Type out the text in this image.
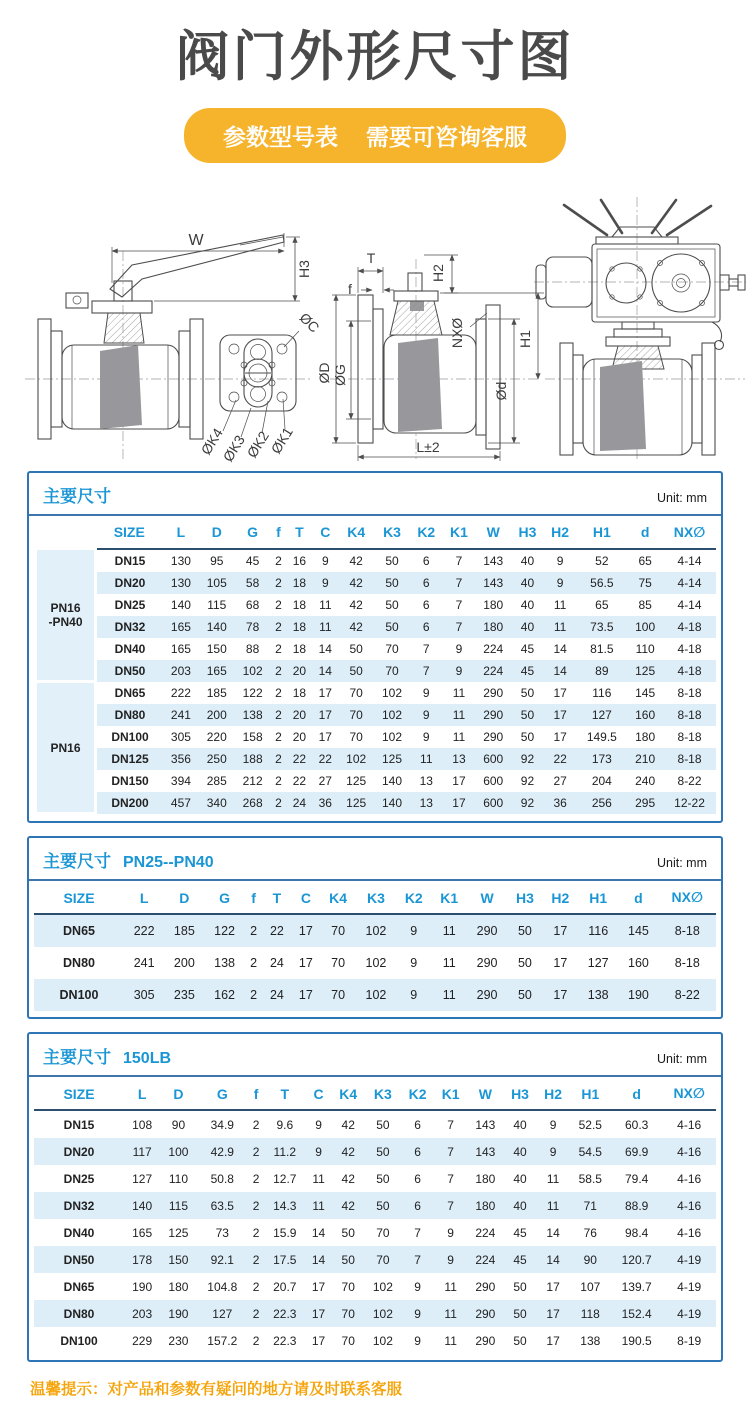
阀门外形尺寸图
参数型号表 需要可咨询客服
W
H3
ØC
ØK4
ØK3
ØK2
ØK1
T
f
ØD ØG
NXØ
H2
H1
Ød
L±2
主要尺寸	Unit: mm
	SIZE	L	D	G	f	T	C	K4	K3	K2	K1	W	H3	H2	H1	d	NX∅

PN16
-PN40	DN15	130	95	45	2	16	9	42	50	6	7	143	40	9	52	65	4-14
	DN20	130	105	58	2	18	9	42	50	6	7	143	40	9	56.5	75	4-14
	DN25	140	115	68	2	18	11	42	50	6	7	180	40	11	65	85	4-14
	DN32	165	140	78	2	18	11	42	50	6	7	180	40	11	73.5	100	4-18
	DN40	165	150	88	2	18	14	50	70	7	9	224	45	14	81.5	110	4-18
	DN50	203	165	102	2	20	14	50	70	7	9	224	45	14	89	125	4-18

PN16	DN65	222	185	122	2	18	17	70	102	9	11	290	50	17	116	145	8-18
	DN80	241	200	138	2	20	17	70	102	9	11	290	50	17	127	160	8-18
	DN100	305	220	158	2	20	17	70	102	9	11	290	50	17	149.5	180	8-18
	DN125	356	250	188	2	22	22	102	125	11	13	600	92	22	173	210	8-18
	DN150	394	285	212	2	22	27	125	140	13	17	600	92	27	204	240	8-22
	DN200	457	340	268	2	24	36	125	140	13	17	600	92	36	256	295	12-22
主要尺寸 PN25--PN40	Unit: mm
SIZE	L	D	G	f	T	C	K4	K3	K2	K1	W	H3	H2	H1	d	NX∅
DN65	222	185	122	2	22	17	70	102	9	11	290	50	17	116	145	8-18
DN80	241	200	138	2	24	17	70	102	9	11	290	50	17	127	160	8-18
DN100	305	235	162	2	24	17	70	102	9	11	290	50	17	138	190	8-22
主要尺寸 150LB	Unit: mm
SIZE	L	D	G	f	T	C	K4	K3	K2	K1	W	H3	H2	H1	d	NX∅
DN15	108	90	34.9	2	9.6	9	42	50	6	7	143	40	9	52.5	60.3	4-16
DN20	117	100	42.9	2	11.2	9	42	50	6	7	143	40	9	54.5	69.9	4-16
DN25	127	110	50.8	2	12.7	11	42	50	6	7	180	40	11	58.5	79.4	4-16
DN32	140	115	63.5	2	14.3	11	42	50	6	7	180	40	11	71	88.9	4-16
DN40	165	125	73	2	15.9	14	50	70	7	9	224	45	14	76	98.4	4-16
DN50	178	150	92.1	2	17.5	14	50	70	7	9	224	45	14	90	120.7	4-19
DN65	190	180	104.8	2	20.7	17	70	102	9	11	290	50	17	107	139.7	4-19
DN80	203	190	127	2	22.3	17	70	102	9	11	290	50	17	118	152.4	4-19
DN100	229	230	157.2	2	22.3	17	70	102	9	11	290	50	17	138	190.5	8-19

温馨提示：对产品和参数有疑问的地方请及时联系客服
